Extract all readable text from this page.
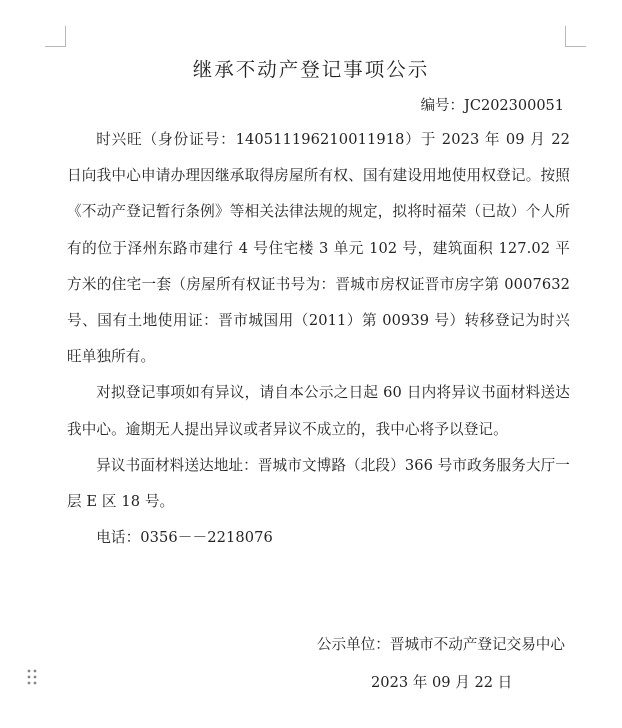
继承不动产登记事项公示
编号：JC202300051

时兴旺（身份证号：140511196210011918）于 2023 年 09 月 22 日向我中心申请办理因继承取得房屋所有权、国有建设用地使用权登记。按照《不动产登记暂行条例》等相关法律法规的规定，拟将时福荣（已故）个人所有的位于泽州东路市建行 4 号住宅楼 3 单元 102 号，建筑面积 127.02 平方米的住宅一套（房屋所有权证书号为：晋城市房权证晋市房字第 0007632 号、国有土地使用证：晋市城国用（2011）第 00939 号）转移登记为时兴旺单独所有。

对拟登记事项如有异议，请自本公示之日起 60 日内将异议书面材料送达我中心。逾期无人提出异议或者异议不成立的，我中心将予以登记。

异议书面材料送达地址：晋城市文博路（北段）366 号市政务服务大厅一层 E 区 18 号。

电话：0356－－2218076

公示单位：晋城市不动产登记交易中心
2023 年 09 月 22 日
